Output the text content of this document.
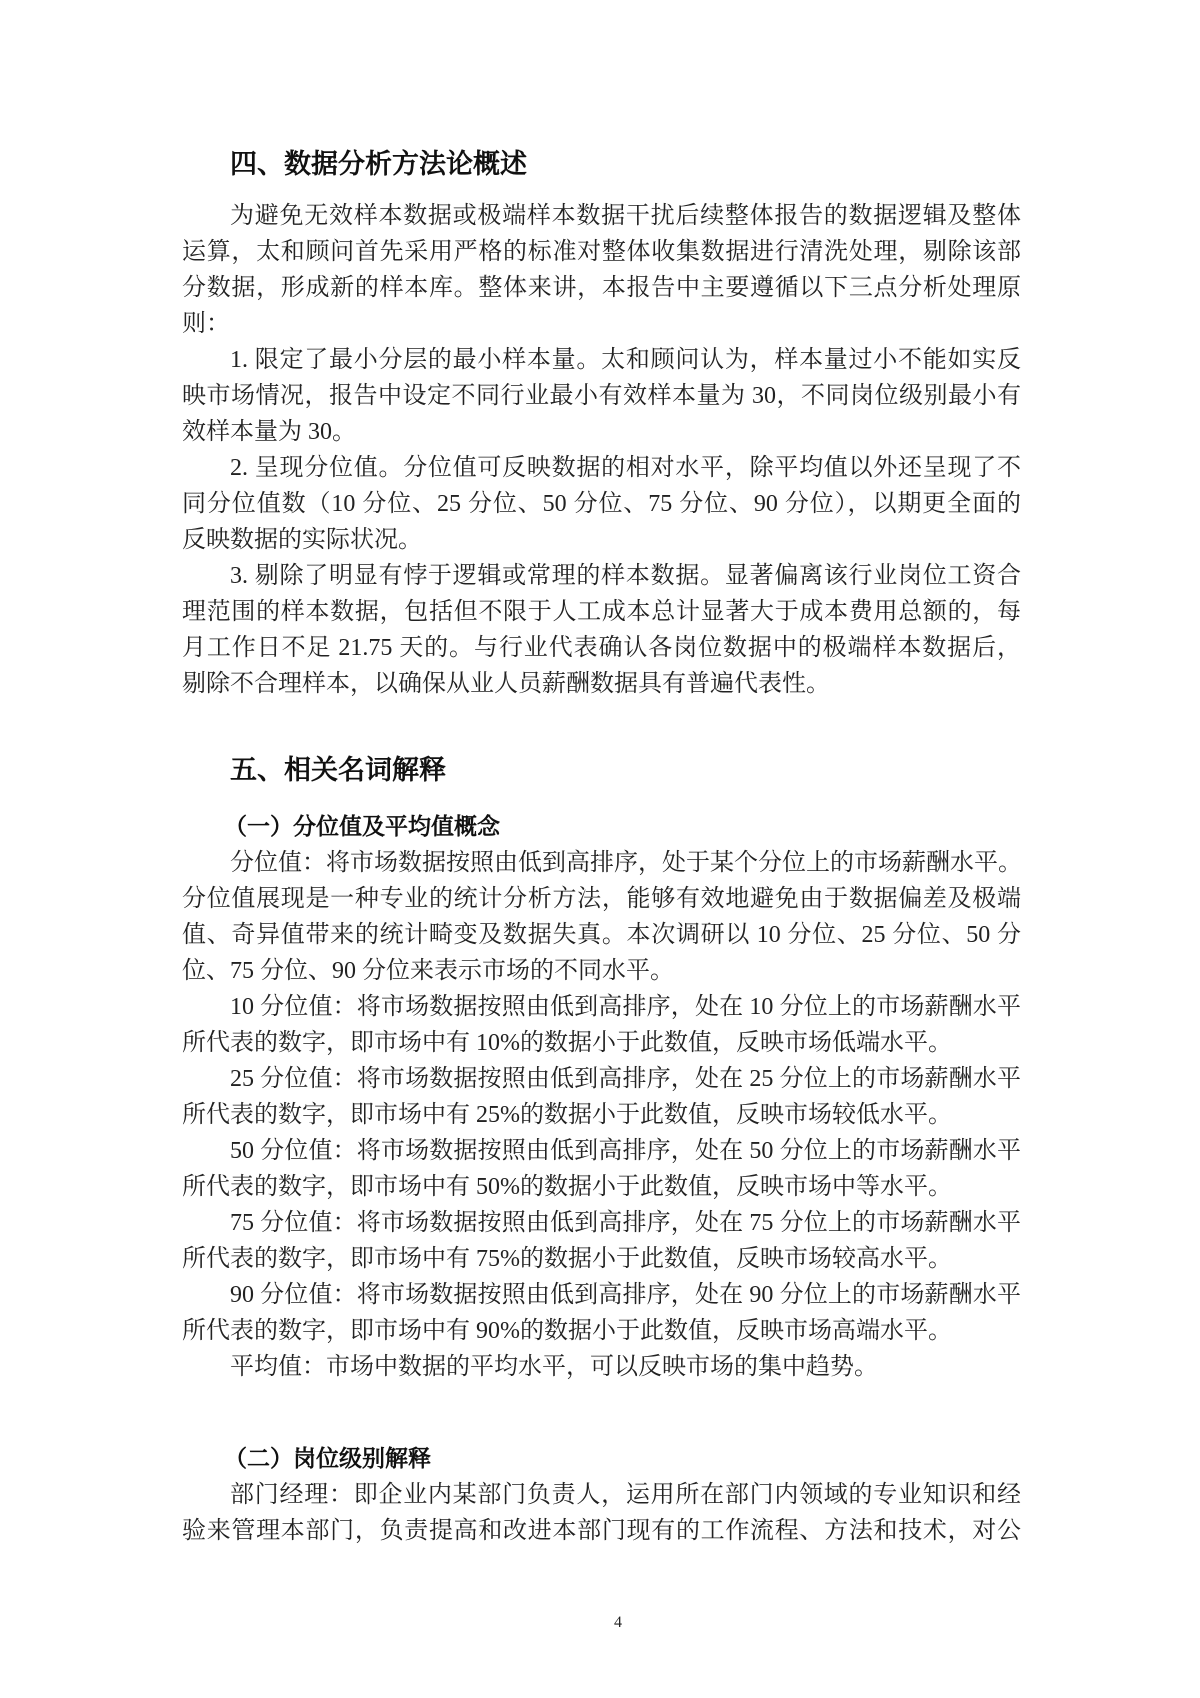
四、数据分析方法论概述
为避免无效样本数据或极端样本数据干扰后续整体报告的数据逻辑及整体
运算，太和顾问首先采用严格的标准对整体收集数据进行清洗处理，剔除该部
分数据，形成新的样本库。整体来讲，本报告中主要遵循以下三点分析处理原
则：
1. 限定了最小分层的最小样本量。太和顾问认为，样本量过小不能如实反
映市场情况，报告中设定不同行业最小有效样本量为 30，不同岗位级别最小有
效样本量为 30。
2. 呈现分位值。分位值可反映数据的相对水平，除平均值以外还呈现了不
同分位值数（10 分位、25 分位、50 分位、75 分位、90 分位），以期更全面的
反映数据的实际状况。
3. 剔除了明显有悖于逻辑或常理的样本数据。显著偏离该行业岗位工资合
理范围的样本数据，包括但不限于人工成本总计显著大于成本费用总额的，每
月工作日不足 21.75 天的。与行业代表确认各岗位数据中的极端样本数据后，
剔除不合理样本，以确保从业人员薪酬数据具有普遍代表性。
五、相关名词解释
（一）分位值及平均值概念
分位值：将市场数据按照由低到高排序，处于某个分位上的市场薪酬水平。
分位值展现是一种专业的统计分析方法，能够有效地避免由于数据偏差及极端
值、奇异值带来的统计畸变及数据失真。本次调研以 10 分位、25 分位、50 分
位、75 分位、90 分位来表示市场的不同水平。
10 分位值：将市场数据按照由低到高排序，处在 10 分位上的市场薪酬水平
所代表的数字，即市场中有 10%的数据小于此数值，反映市场低端水平。
25 分位值：将市场数据按照由低到高排序，处在 25 分位上的市场薪酬水平
所代表的数字，即市场中有 25%的数据小于此数值，反映市场较低水平。
50 分位值：将市场数据按照由低到高排序，处在 50 分位上的市场薪酬水平
所代表的数字，即市场中有 50%的数据小于此数值，反映市场中等水平。
75 分位值：将市场数据按照由低到高排序，处在 75 分位上的市场薪酬水平
所代表的数字，即市场中有 75%的数据小于此数值，反映市场较高水平。
90 分位值：将市场数据按照由低到高排序，处在 90 分位上的市场薪酬水平
所代表的数字，即市场中有 90%的数据小于此数值，反映市场高端水平。
平均值：市场中数据的平均水平，可以反映市场的集中趋势。
（二）岗位级别解释
部门经理：即企业内某部门负责人，运用所在部门内领域的专业知识和经
验来管理本部门，负责提高和改进本部门现有的工作流程、方法和技术，对公
4
